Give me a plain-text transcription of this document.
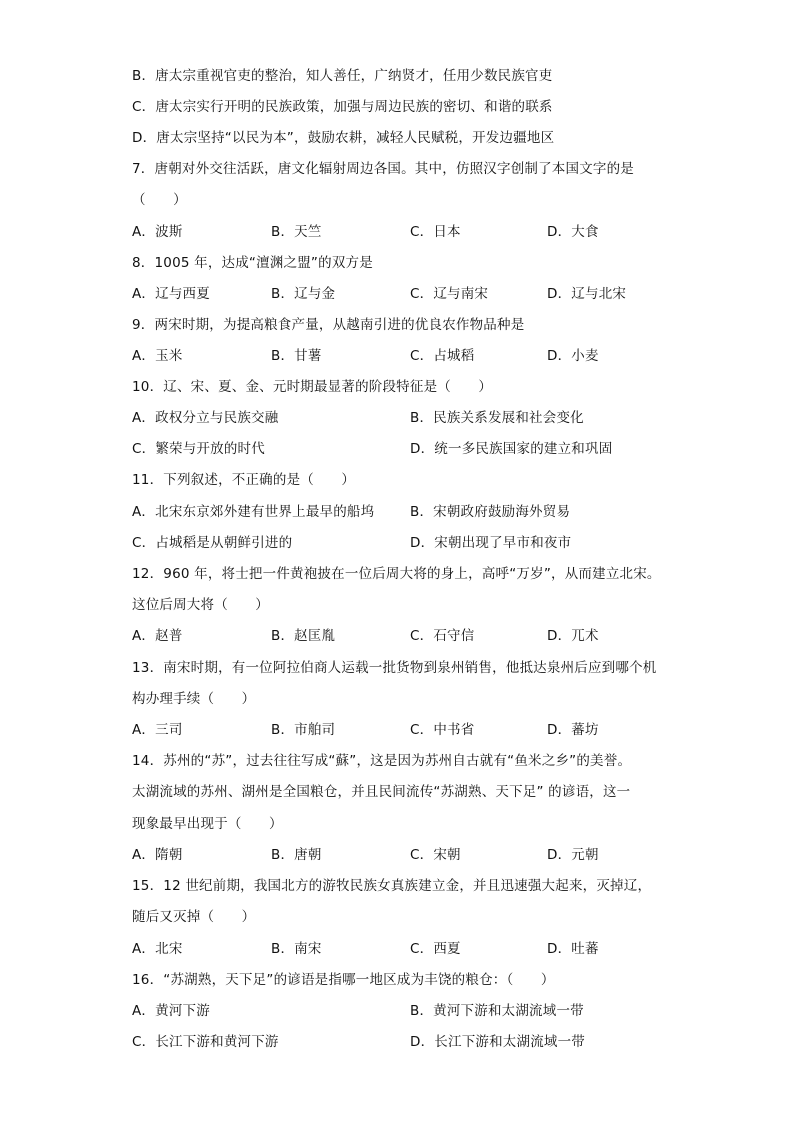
B．唐太宗重视官吏的整治，知人善任，广纳贤才，任用少数民族官吏
C．唐太宗实行开明的民族政策，加强与周边民族的密切、和谐的联系
D．唐太宗坚持“以民为本”，鼓励农耕，减轻人民赋税，开发边疆地区
7．唐朝对外交往活跃，唐文化辐射周边各国。其中，仿照汉字创制了本国文字的是
（　　）
A．波斯	B．天竺	C．日本	D．大食
8．1005 年，达成“澶渊之盟”的双方是
A．辽与西夏	B．辽与金	C．辽与南宋	D．辽与北宋
9．两宋时期，为提高粮食产量，从越南引进的优良农作物品种是
A．玉米	B．甘薯	C．占城稻	D．小麦
10．辽、宋、夏、金、元时期最显著的阶段特征是（　　）
A．政权分立与民族交融	B．民族关系发展和社会变化
C．繁荣与开放的时代	D．统一多民族国家的建立和巩固
11．下列叙述，不正确的是（　　）
A．北宋东京郊外建有世界上最早的船坞	B．宋朝政府鼓励海外贸易
C．占城稻是从朝鲜引进的	D．宋朝出现了早市和夜市
12．960 年，将士把一件黄袍披在一位后周大将的身上，高呼“万岁”，从而建立北宋。
这位后周大将（　　）
A．赵普	B．赵匡胤	C．石守信	D．兀术
13．南宋时期，有一位阿拉伯商人运载一批货物到泉州销售，他抵达泉州后应到哪个机
构办理手续（　　）
A．三司	B．市舶司	C．中书省	D．蕃坊
14．苏州的“苏”，过去往往写成“蘇”，这是因为苏州自古就有“鱼米之乡”的美誉。
太湖流域的苏州、湖州是全国粮仓，并且民间流传“苏湖熟、天下足” 的谚语，这一
现象最早出现于（　　）
A．隋朝	B．唐朝	C．宋朝	D．元朝
15．12 世纪前期，我国北方的游牧民族女真族建立金，并且迅速强大起来，灭掉辽，
随后又灭掉（　　）
A．北宋	B．南宋	C．西夏	D．吐蕃
16．“苏湖熟，天下足”的谚语是指哪一地区成为丰饶的粮仓：（　　）
A．黄河下游	B．黄河下游和太湖流域一带
C．长江下游和黄河下游	D．长江下游和太湖流域一带
